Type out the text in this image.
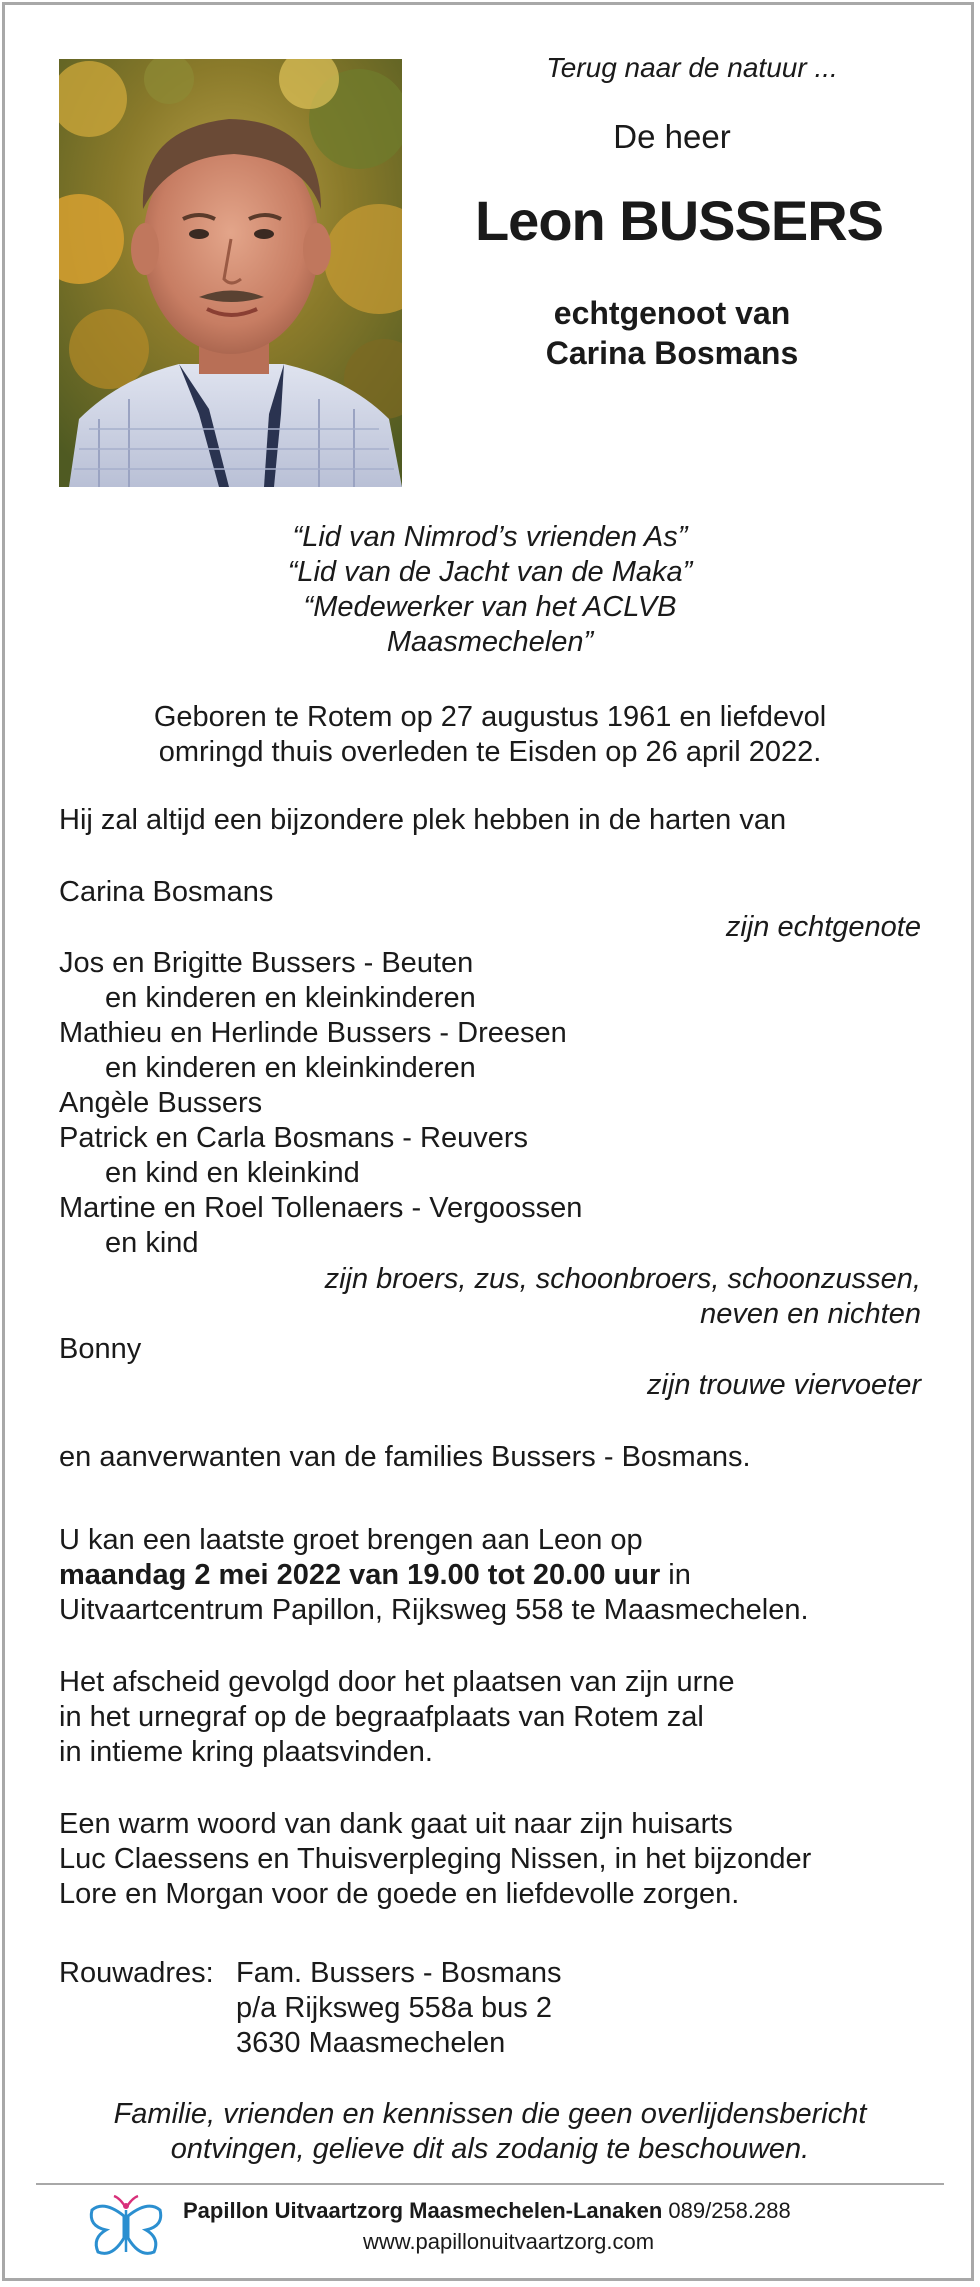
Terug naar de natuur ...
De heer
Leon BUSSERS
echtgenoot van
Carina Bosmans
“Lid van Nimrod’s vrienden As”
“Lid van de Jacht van de Maka”
“Medewerker van het ACLVB
Maasmechelen”
Geboren te Rotem op 27 augustus 1961 en liefdevol
omringd thuis overleden te Eisden op 26 april 2022.
Hij zal altijd een bijzondere plek hebben in de harten van
Carina Bosmans
zijn echtgenote
Jos en Brigitte Bussers - Beuten
en kinderen en kleinkinderen
Mathieu en Herlinde Bussers - Dreesen
en kinderen en kleinkinderen
Angèle Bussers
Patrick en Carla Bosmans - Reuvers
en kind en kleinkind
Martine en Roel Tollenaers - Vergoossen
en kind
zijn broers, zus, schoonbroers, schoonzussen,
neven en nichten
Bonny
zijn trouwe viervoeter
en aanverwanten van de families Bussers - Bosmans.
U kan een laatste groet brengen aan Leon op
maandag 2 mei 2022 van 19.00 tot 20.00 uur in
Uitvaartcentrum Papillon, Rijksweg 558 te Maasmechelen.
Het afscheid gevolgd door het plaatsen van zijn urne
in het urnegraf op de begraafplaats van Rotem zal
in intieme kring plaatsvinden.
Een warm woord van dank gaat uit naar zijn huisarts
Luc Claessens en Thuisverpleging Nissen, in het bijzonder
Lore en Morgan voor de goede en liefdevolle zorgen.
Rouwadres: Fam. Bussers - Bosmans
p/a Rijksweg 558a bus 2
3630 Maasmechelen
Familie, vrienden en kennissen die geen overlijdensbericht
ontvingen, gelieve dit als zodanig te beschouwen.
Papillon Uitvaartzorg Maasmechelen-Lanaken 089/258.288
www.papillonuitvaartzorg.com
